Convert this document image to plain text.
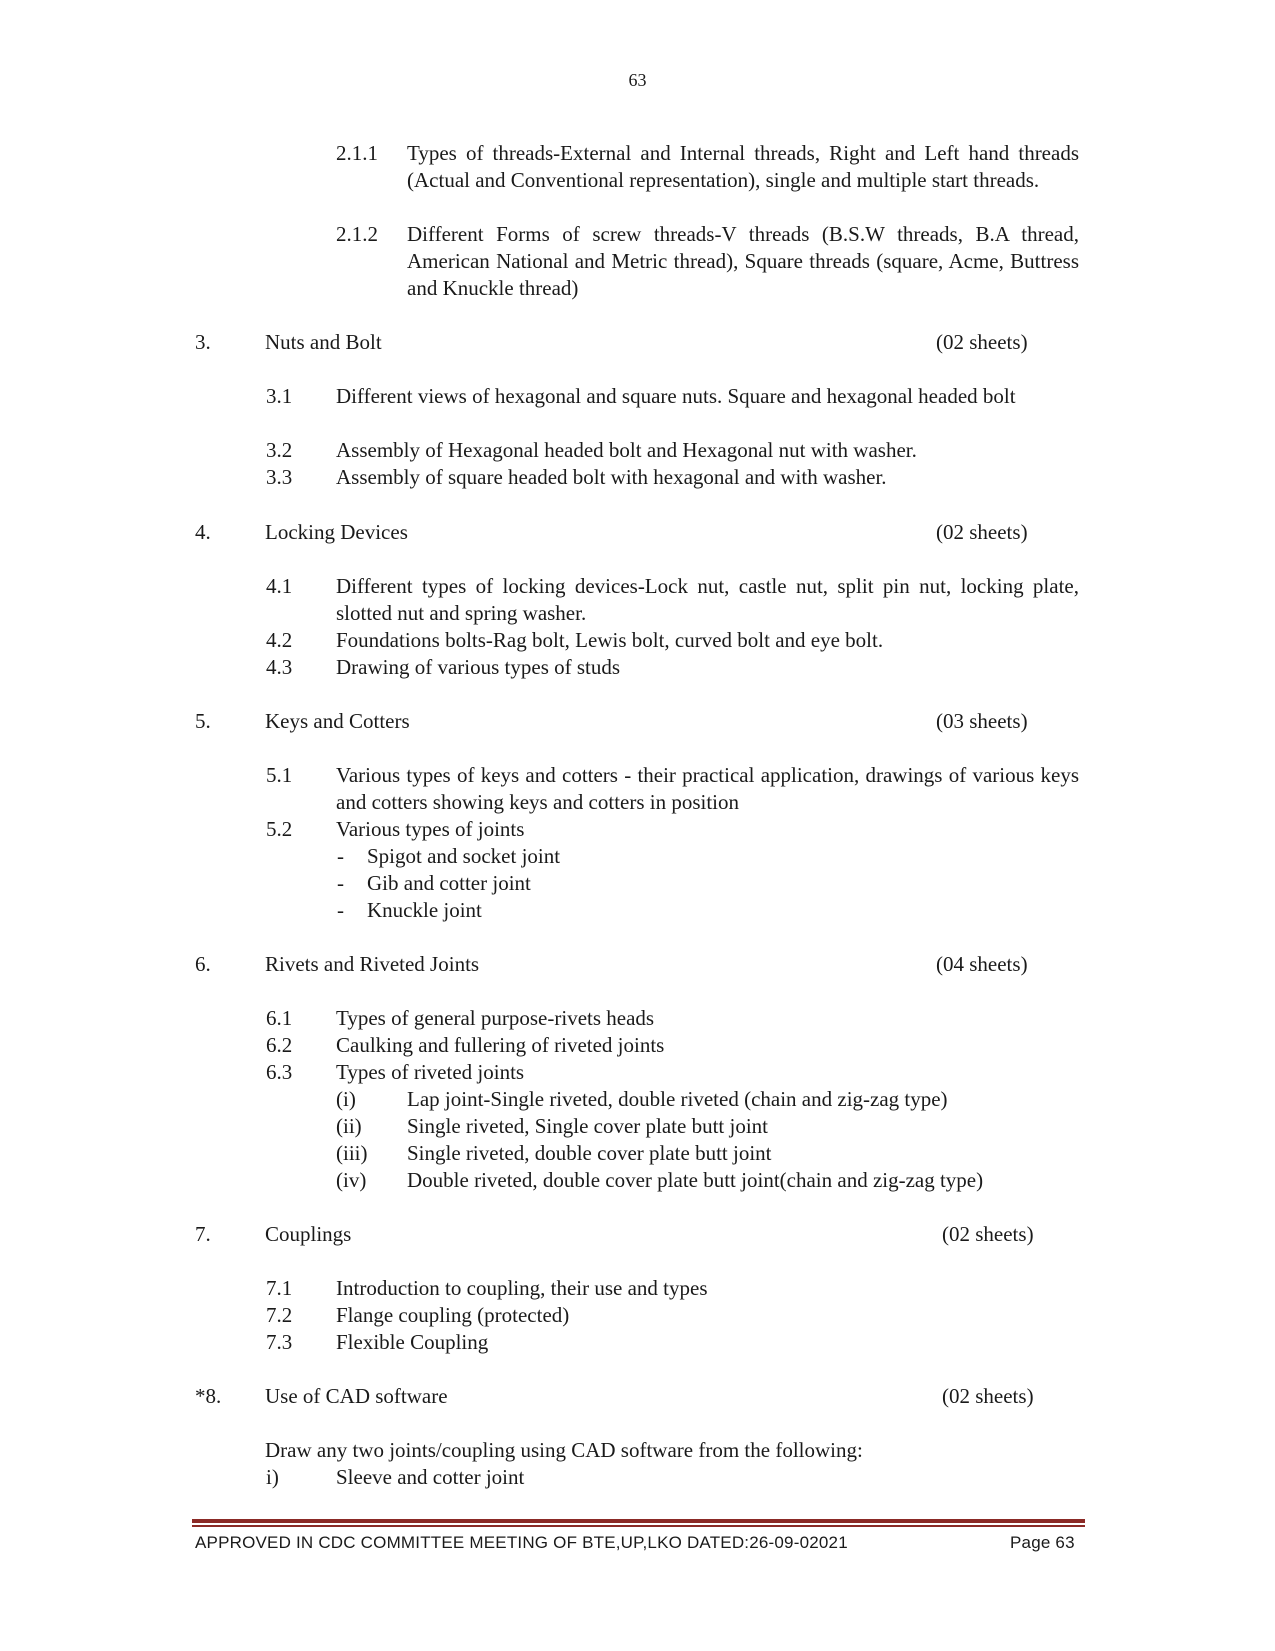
63
2.1.1 Types of threads-External and Internal threads, Right and Left hand threads (Actual and Conventional representation), single and multiple start threads.
2.1.2 Different Forms of screw threads-V threads (B.S.W threads, B.A thread, American National and Metric thread), Square threads (square, Acme, Buttress and Knuckle thread)
3.	Nuts and Bolt	(02 sheets)
3.1 Different views of hexagonal and square nuts. Square and hexagonal headed bolt
3.2 Assembly of Hexagonal headed bolt and Hexagonal nut with washer.
3.3 Assembly of square headed bolt with hexagonal and with washer.
4.	Locking Devices	(02 sheets)
4.1 Different types of locking devices-Lock nut, castle nut, split pin nut, locking plate, slotted nut and spring washer.
4.2 Foundations bolts-Rag bolt, Lewis bolt, curved bolt and eye bolt.
4.3 Drawing of various types of studs
5.	Keys and Cotters	(03 sheets)
5.1 Various types of keys and cotters - their practical application, drawings of various keys and cotters showing keys and cotters in position
5.2 Various types of joints
- Spigot and socket joint
- Gib and cotter joint
- Knuckle joint
6.	Rivets and Riveted Joints	(04 sheets)
6.1 Types of general purpose-rivets heads
6.2 Caulking and fullering of riveted joints
6.3 Types of riveted joints
(i) Lap joint-Single riveted, double riveted (chain and zig-zag type)
(ii) Single riveted, Single cover plate butt joint
(iii) Single riveted, double cover plate butt joint
(iv) Double riveted, double cover plate butt joint(chain and zig-zag type)
7.	Couplings	(02 sheets)
7.1 Introduction to coupling, their use and types
7.2 Flange coupling (protected)
7.3 Flexible Coupling
*8. Use of CAD software	(02 sheets)
Draw any two joints/coupling using CAD software from the following:
i)	Sleeve and cotter joint
APPROVED IN CDC COMMITTEE MEETING OF BTE,UP,LKO DATED:26-09-02021	Page 63
